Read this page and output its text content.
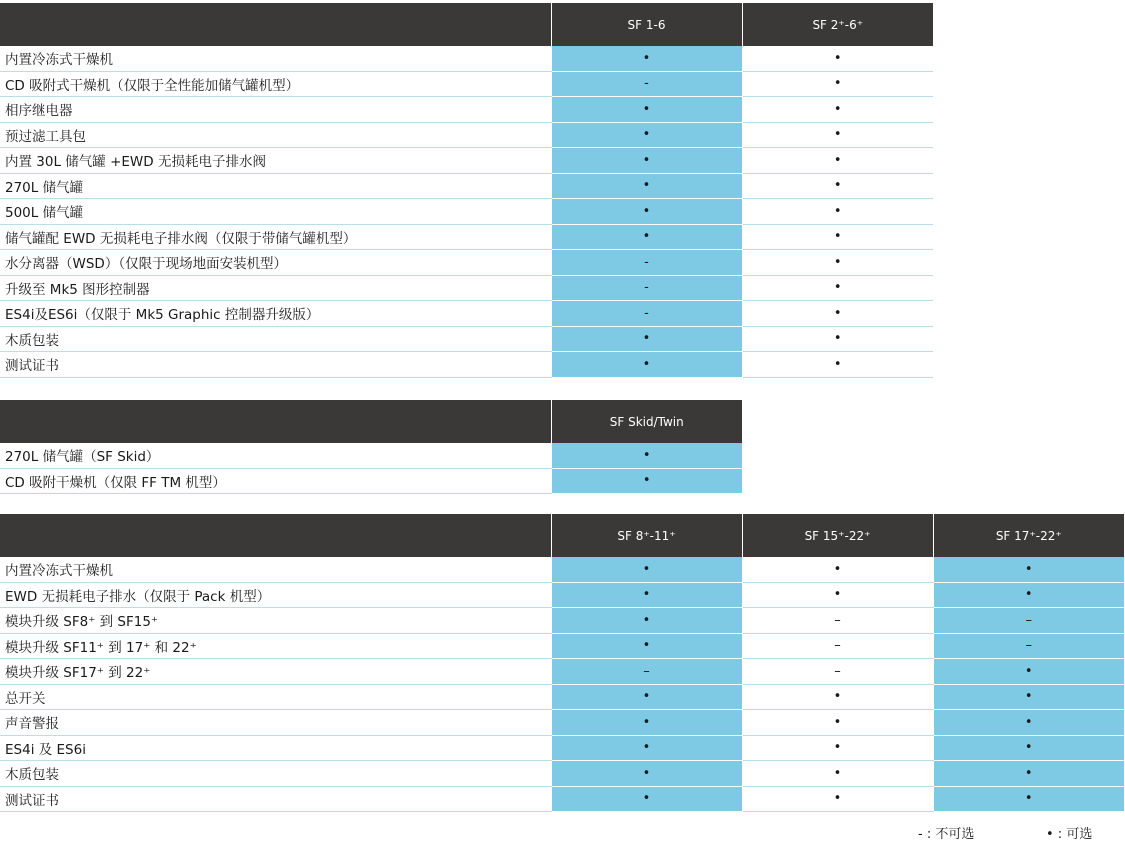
	SF 1-6	SF 2⁺-6⁺
内置冷冻式干燥机	•	•
CD 吸附式干燥机（仅限于全性能加储气罐机型）	-	•
相序继电器	•	•
预过滤工具包	•	•
内置 30L 储气罐 +EWD 无损耗电子排水阀	•	•
270L 储气罐	•	•
500L 储气罐	•	•
储气罐配 EWD 无损耗电子排水阀（仅限于带储气罐机型）	•	•
水分离器（WSD）（仅限于现场地面安装机型）	-	•
升级至 Mk5 图形控制器	-	•
ES4i及ES6i（仅限于 Mk5 Graphic 控制器升级版）	-	•
木质包装	•	•
测试证书	•	•
	SF Skid/Twin
270L 储气罐（SF Skid）	•
CD 吸附干燥机（仅限 FF TM 机型）	•
	SF 8⁺-11⁺	SF 15⁺-22⁺	SF 17⁺-22⁺
内置冷冻式干燥机	•	•	•
EWD 无损耗电子排水（仅限于 Pack 机型）	•	•	•
模块升级 SF8⁺ 到 SF15⁺	•	–	–
模块升级 SF11⁺ 到 17⁺ 和 22⁺	•	–	–
模块升级 SF17⁺ 到 22⁺	–	–	•
总开关	•	•	•
声音警报	•	•	•
ES4i 及 ES6i	•	•	•
木质包装	•	•	•
测试证书	•	•	•
- : 不可选	• : 可选
